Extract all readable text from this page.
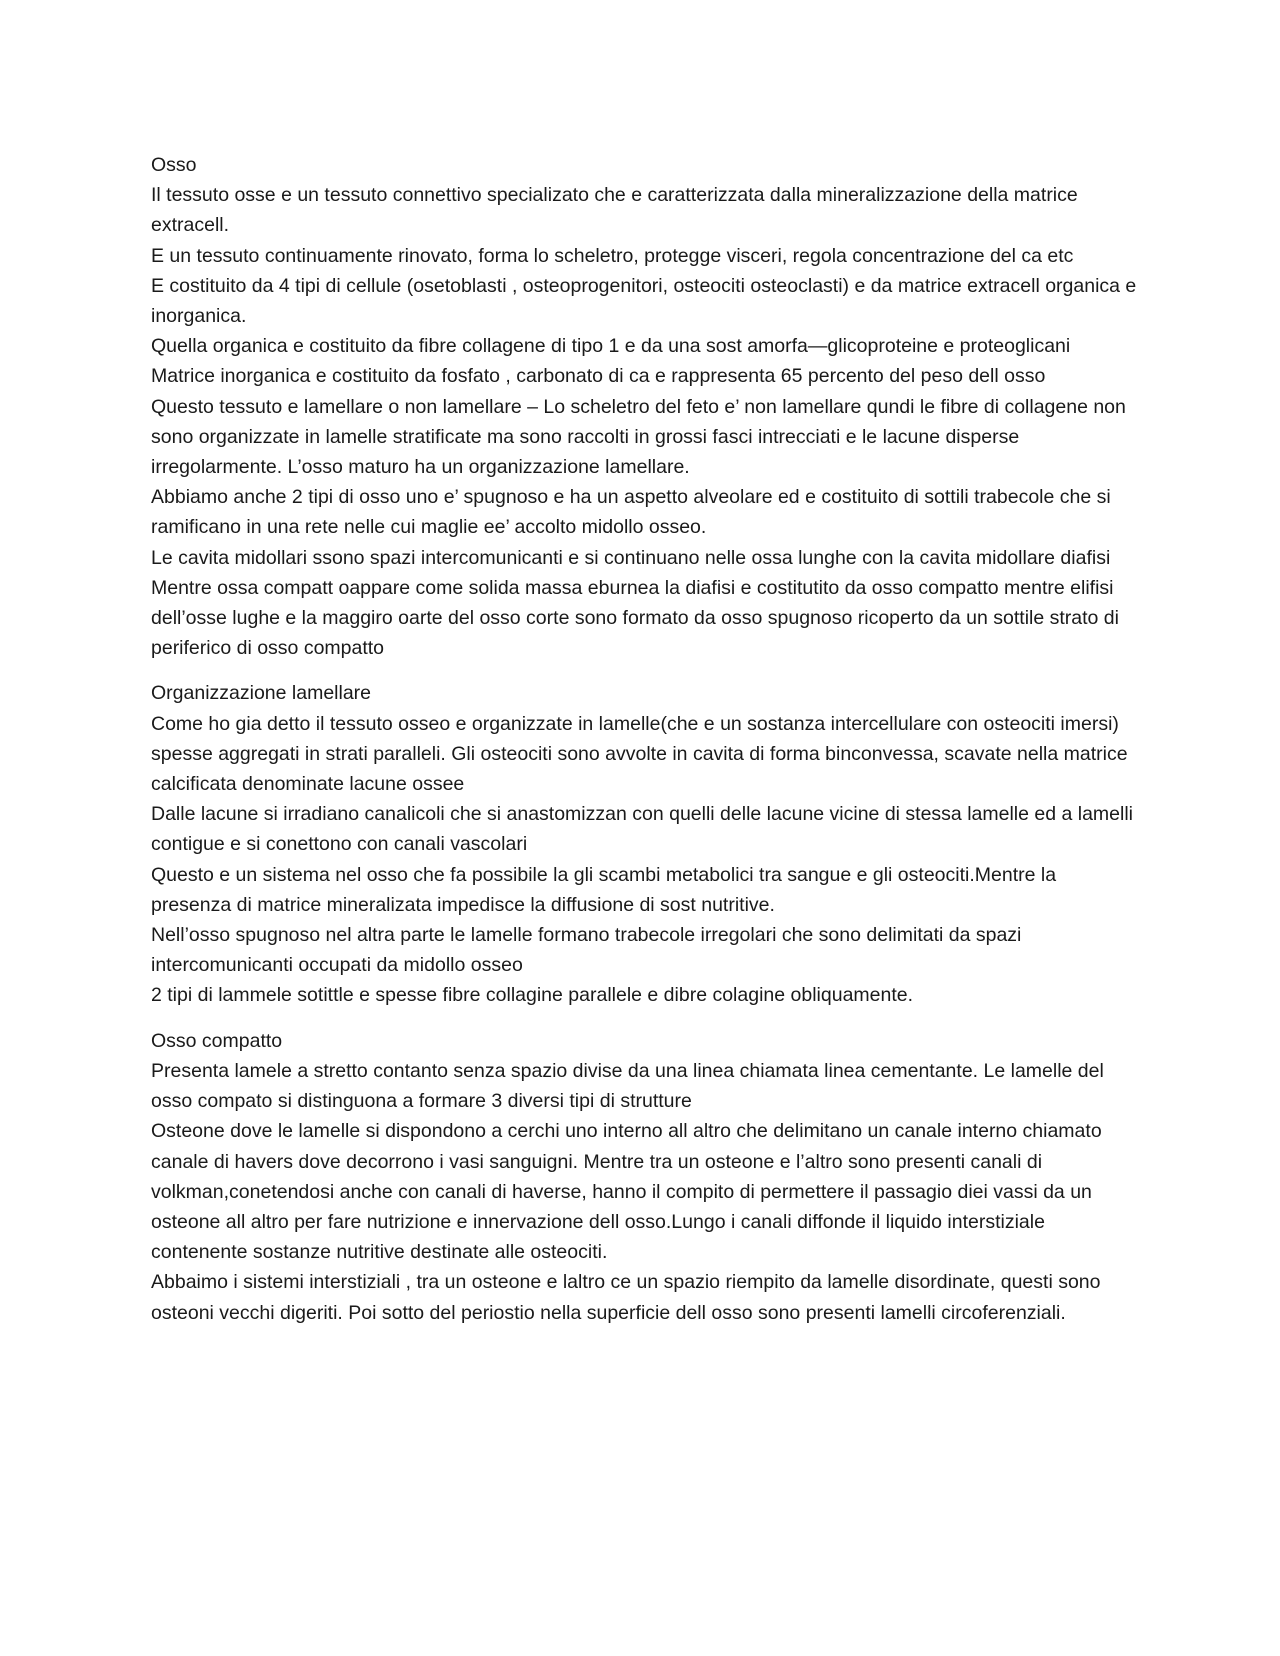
Osso

Il tessuto osse e un tessuto connettivo specializato che e caratterizzata dalla mineralizzazione della matrice extracell.

E un tessuto continuamente rinovato, forma lo scheletro, protegge visceri, regola concentrazione del ca etc

E costituito da 4 tipi di cellule (osetoblasti , osteoprogenitori, osteociti osteoclasti) e da matrice extracell organica e inorganica.

Quella organica e costituito da fibre collagene di tipo 1 e da una sost amorfa—glicoproteine e proteoglicani

Matrice inorganica e costituito da fosfato , carbonato di ca e rappresenta 65 percento del peso dell osso

Questo tessuto e lamellare o non lamellare – Lo scheletro del feto e’ non lamellare qundi le fibre di collagene non sono organizzate in lamelle stratificate ma sono raccolti in grossi fasci intrecciati e le lacune disperse irregolarmente. L’osso maturo ha un organizzazione lamellare.

Abbiamo anche 2 tipi di osso uno e’ spugnoso e ha un aspetto alveolare ed e costituito di sottili trabecole che si ramificano in una rete nelle cui maglie ee’ accolto midollo osseo.

Le cavita midollari ssono spazi intercomunicanti e si continuano nelle ossa lunghe con la cavita midollare diafisi

Mentre ossa compatt oappare come solida massa eburnea la diafisi e costitutito da osso compatto mentre elifisi dell’osse lughe e la maggiro oarte del osso corte sono formato da osso spugnoso ricoperto da un sottile strato di periferico di osso compatto

Organizzazione lamellare

Come ho gia detto il tessuto osseo e organizzate in lamelle(che e un sostanza intercellulare con osteociti imersi) spesse aggregati in strati paralleli. Gli osteociti sono avvolte in cavita di forma binconvessa, scavate nella matrice calcificata denominate lacune ossee

Dalle lacune si irradiano canalicoli che si anastomizzan con quelli delle lacune vicine di stessa lamelle ed a lamelli contigue e si conettono con canali vascolari

Questo e un sistema nel osso che fa possibile la gli scambi metabolici tra sangue e gli osteociti.Mentre la presenza di matrice mineralizata impedisce la diffusione di sost nutritive.

Nell’osso spugnoso nel altra parte le lamelle formano trabecole irregolari che sono delimitati da spazi intercomunicanti occupati da midollo osseo

2 tipi di lammele sotittle e spesse fibre collagine parallele e dibre colagine obliquamente.

Osso compatto

Presenta lamele a stretto contanto senza spazio divise da una linea chiamata linea cementante. Le lamelle del osso compato si distinguona a formare 3 diversi tipi di strutture

Osteone dove le lamelle si dispondono a cerchi uno interno all altro che delimitano un canale interno chiamato canale di havers dove decorrono i vasi sanguigni. Mentre tra un osteone e l’altro sono presenti canali di volkman,conetendosi anche con canali di haverse, hanno il compito di permettere il passagio diei vassi da un osteone all altro per fare nutrizione e innervazione dell osso.Lungo i canali diffonde il liquido interstiziale contenente sostanze nutritive destinate alle osteociti.

Abbaimo i sistemi interstiziali , tra un osteone e laltro ce un spazio riempito da lamelle disordinate, questi sono osteoni vecchi digeriti. Poi sotto del periostio nella superficie dell osso sono presenti lamelli circoferenziali.
